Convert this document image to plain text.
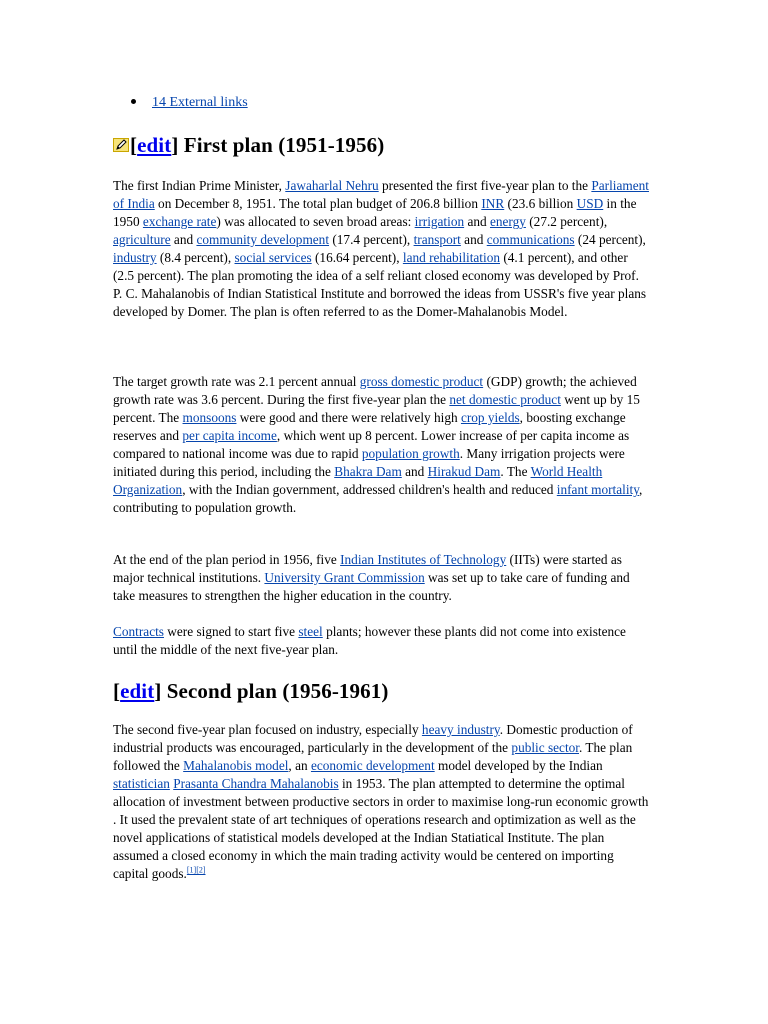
14 External links
[edit] First plan (1951-1956)

The first Indian Prime Minister, Jawaharlal Nehru presented the first five-year plan to the Parliament of India on December 8, 1951. The total plan budget of 206.8 billion INR (23.6 billion USD in the 1950 exchange rate) was allocated to seven broad areas: irrigation and energy (27.2 percent), agriculture and community development (17.4 percent), transport and communications (24 percent), industry (8.4 percent), social services (16.64 percent), land rehabilitation (4.1 percent), and other (2.5 percent). The plan promoting the idea of a self reliant closed economy was developed by Prof. P. C. Mahalanobis of Indian Statistical Institute and borrowed the ideas from USSR's five year plans developed by Domer. The plan is often referred to as the Domer-Mahalanobis Model.

The target growth rate was 2.1 percent annual gross domestic product (GDP) growth; the achieved growth rate was 3.6 percent. During the first five-year plan the net domestic product went up by 15 percent. The monsoons were good and there were relatively high crop yields, boosting exchange reserves and per capita income, which went up 8 percent. Lower increase of per capita income as compared to national income was due to rapid population growth. Many irrigation projects were initiated during this period, including the Bhakra Dam and Hirakud Dam. The World Health Organization, with the Indian government, addressed children's health and reduced infant mortality, contributing to population growth.

At the end of the plan period in 1956, five Indian Institutes of Technology (IITs) were started as major technical institutions. University Grant Commission was set up to take care of funding and take measures to strengthen the higher education in the country.

Contracts were signed to start five steel plants; however these plants did not come into existence until the middle of the next five-year plan.

[edit] Second plan (1956-1961)

The second five-year plan focused on industry, especially heavy industry. Domestic production of industrial products was encouraged, particularly in the development of the public sector. The plan followed the Mahalanobis model, an economic development model developed by the Indian statistician Prasanta Chandra Mahalanobis in 1953. The plan attempted to determine the optimal allocation of investment between productive sectors in order to maximise long-run economic growth . It used the prevalent state of art techniques of operations research and optimization as well as the novel applications of statistical models developed at the Indian Statiatical Institute. The plan assumed a closed economy in which the main trading activity would be centered on importing capital goods.[1][2]
